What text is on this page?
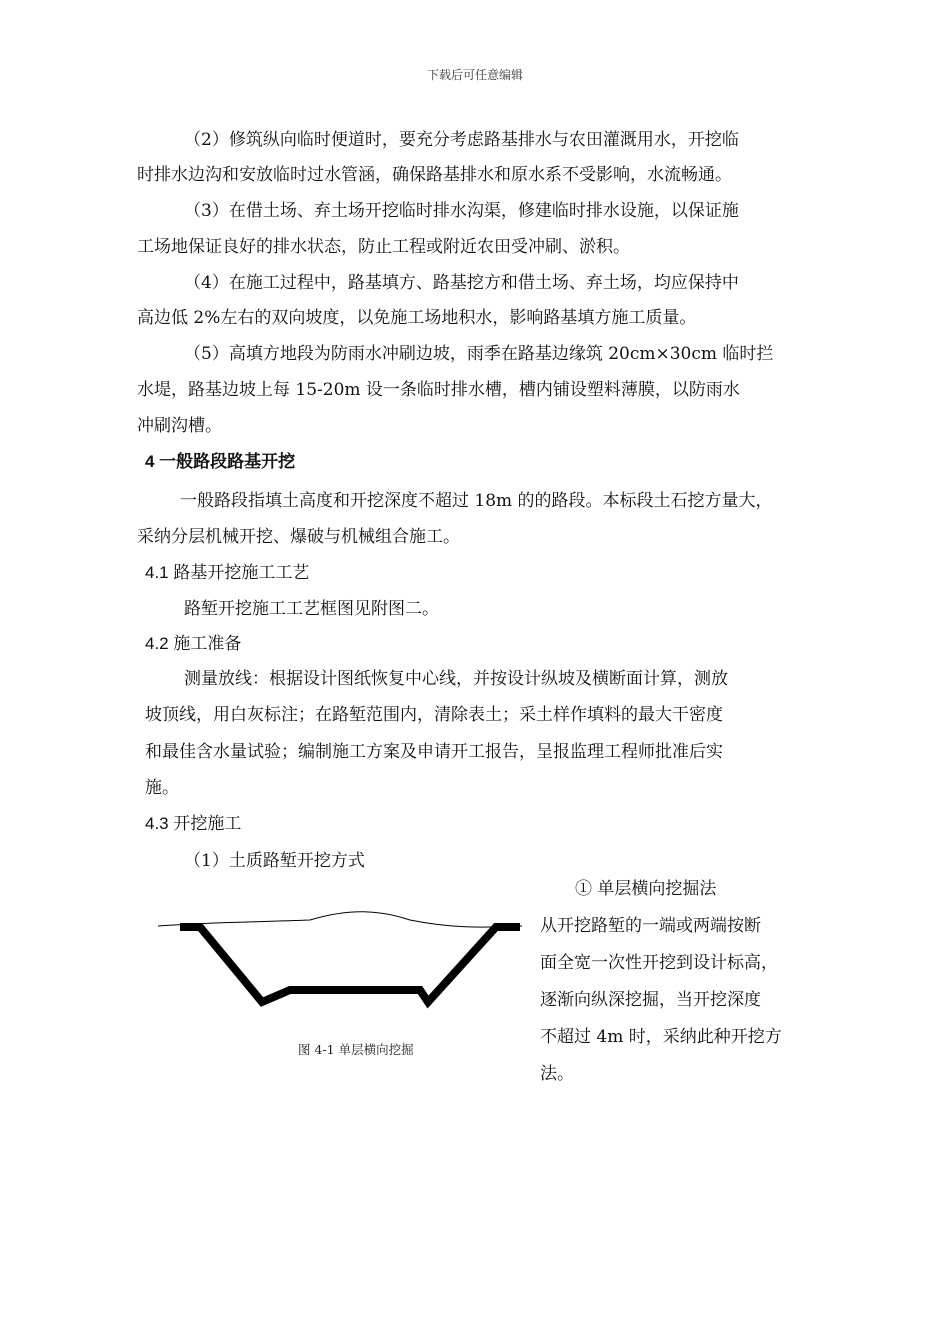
下载后可任意编辑
（2）修筑纵向临时便道时，要充分考虑路基排水与农田灌溉用水，开挖临
时排水边沟和安放临时过水管涵，确保路基排水和原水系不受影响，水流畅通。
（3）在借土场、弃土场开挖临时排水沟渠，修建临时排水设施，以保证施
工场地保证良好的排水状态，防止工程或附近农田受冲刷、淤积。
（4）在施工过程中，路基填方、路基挖方和借土场、弃土场，均应保持中
高边低 2%左右的双向坡度，以免施工场地积水，影响路基填方施工质量。
（5）高填方地段为防雨水冲刷边坡，雨季在路基边缘筑 20cm×30cm 临时拦
水堤，路基边坡上每 15-20m 设一条临时排水槽，槽内铺设塑料薄膜，以防雨水
冲刷沟槽。
4 一般路段路基开挖
一般路段指填土高度和开挖深度不超过 18m 的的路段。本标段土石挖方量大，
采纳分层机械开挖、爆破与机械组合施工。
4.1 路基开挖施工工艺
路堑开挖施工工艺框图见附图二。
4.2 施工准备
测量放线：根据设计图纸恢复中心线，并按设计纵坡及横断面计算，测放
坡顶线，用白灰标注；在路堑范围内，清除表土；采土样作填料的最大干密度
和最佳含水量试验；编制施工方案及申请开工报告，呈报监理工程师批准后实
施。
4.3 开挖施工
（1）土质路堑开挖方式
① 单层横向挖掘法
从开挖路堑的一端或两端按断
面全宽一次性开挖到设计标高，
逐渐向纵深挖掘，当开挖深度
不超过 4m 时，采纳此种开挖方
法。
图 4-1 单层横向挖掘
